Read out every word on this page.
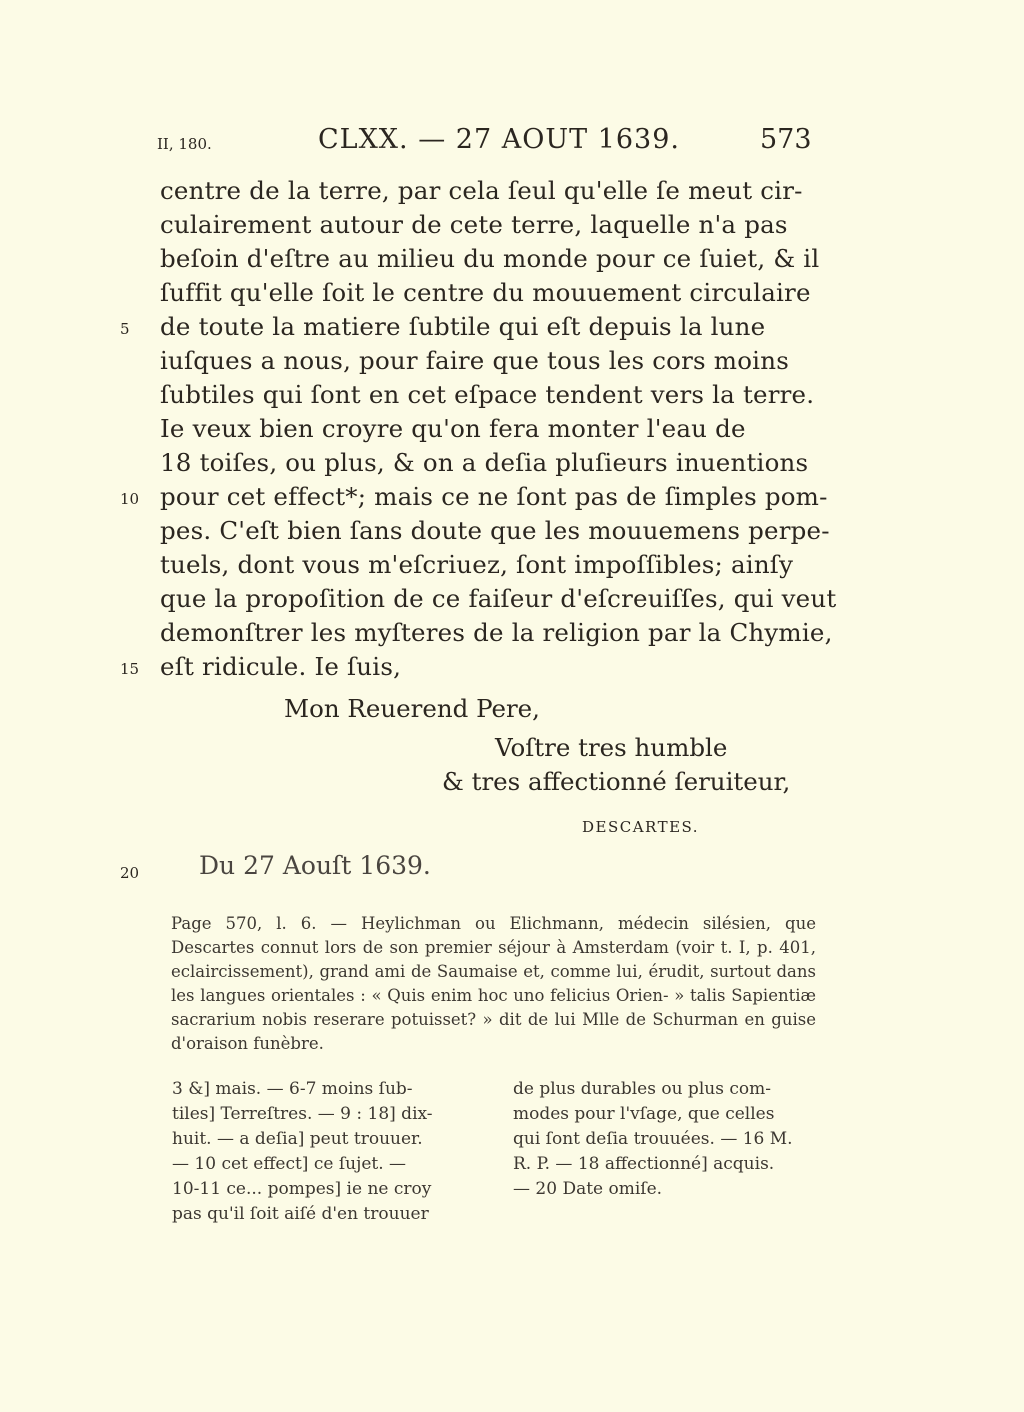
II, 180.	CLXX. — 27 AOUT 1639.	573
centre de la terre, par cela ſeul qu'elle ſe meut cir-
culairement autour de cete terre, laquelle n'a pas
beſoin d'eſtre au milieu du monde pour ce ſuiet, & il
ſuffit qu'elle ſoit le centre du mouuement circulaire
de toute la matiere ſubtile qui eſt depuis la lune
5
iuſques a nous, pour faire que tous les cors moins
ſubtiles qui ſont en cet eſpace tendent vers la terre.
Ie veux bien croyre qu'on fera monter l'eau de
18 toiſes, ou plus, & on a deſia pluſieurs inuentions
pour cet effect*; mais ce ne ſont pas de ſimples pom-
10
pes. C'eſt bien ſans doute que les mouuemens perpe-
tuels, dont vous m'eſcriuez, ſont impoſſibles; ainſy
que la propoſition de ce faiſeur d'eſcreuiſſes, qui veut
demonſtrer les myſteres de la religion par la Chymie,
eſt ridicule. Ie ſuis,
15
Mon Reuerend Pere,
Voſtre tres humble
& tres affectionné ſeruiteur,
DESCARTES.
20 Du 27 Aouſt 1639.
Page 570, l. 6. — Heylichman ou Elichmann, médecin silésien, que Descartes connut lors de son premier séjour à Amsterdam (voir t. I, p. 401, eclaircissement), grand ami de Saumaise et, comme lui, érudit, surtout dans les langues orientales : « Quis enim hoc uno felicius Orien- » talis Sapientiæ sacrarium nobis reserare potuisset? » dit de lui Mlle de Schurman en guise d'oraison funèbre.
3 &] mais. — 6-7 moins ſub-
tiles] Terreſtres. — 9 : 18] dix-
huit. — a deſia] peut trouuer.
— 10 cet effect] ce ſujet. —
10-11 ce... pompes] ie ne croy
pas qu'il ſoit aiſé d'en trouuer
de plus durables ou plus com-
modes pour l'vſage, que celles
qui ſont deſia trouuées. — 16 M.
R. P. — 18 affectionné] acquis.
— 20 Date omiſe.
